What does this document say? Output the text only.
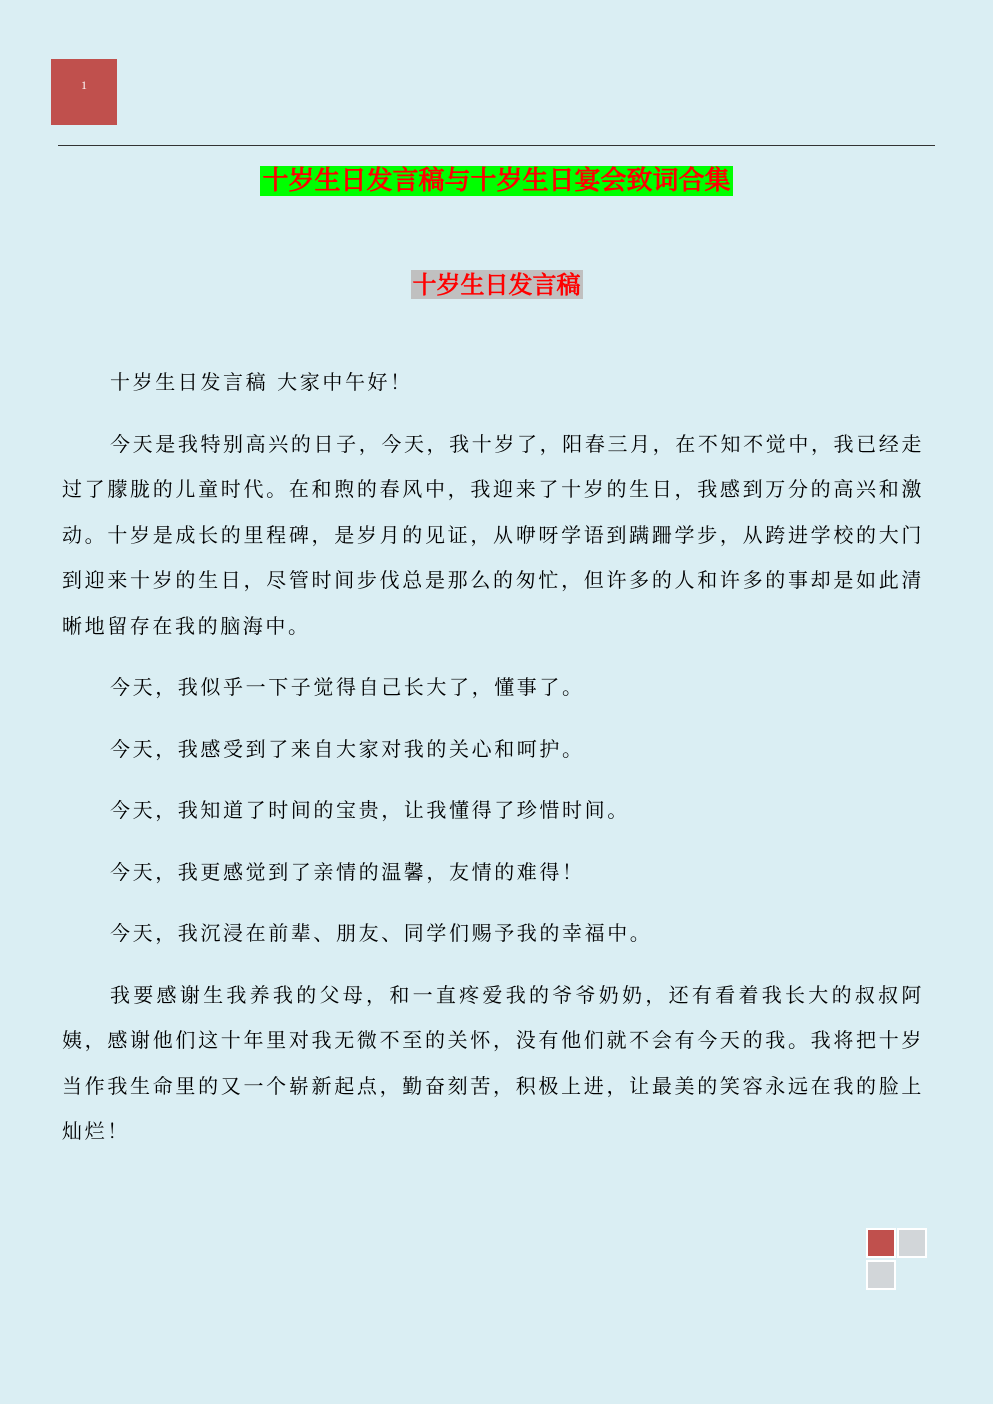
1
十岁生日发言稿与十岁生日宴会致词合集
十岁生日发言稿

十岁生日发言稿 大家中午好！

今天是我特别高兴的日子，今天，我十岁了，阳春三月，在不知不觉中，我已经走过了朦胧的儿童时代。在和煦的春风中，我迎来了十岁的生日，我感到万分的高兴和激动。十岁是成长的里程碑，是岁月的见证，从咿呀学语到蹒跚学步，从跨进学校的大门到迎来十岁的生日，尽管时间步伐总是那么的匆忙，但许多的人和许多的事却是如此清晰地留存在我的脑海中。

今天，我似乎一下子觉得自己长大了，懂事了。

今天，我感受到了来自大家对我的关心和呵护。

今天，我知道了时间的宝贵，让我懂得了珍惜时间。

今天，我更感觉到了亲情的温馨，友情的难得！

今天，我沉浸在前辈、朋友、同学们赐予我的幸福中。

我要感谢生我养我的父母，和一直疼爱我的爷爷奶奶，还有看着我长大的叔叔阿姨，感谢他们这十年里对我无微不至的关怀，没有他们就不会有今天的我。我将把十岁当作我生命里的又一个崭新起点，勤奋刻苦，积极上进，让最美的笑容永远在我的脸上灿烂！
